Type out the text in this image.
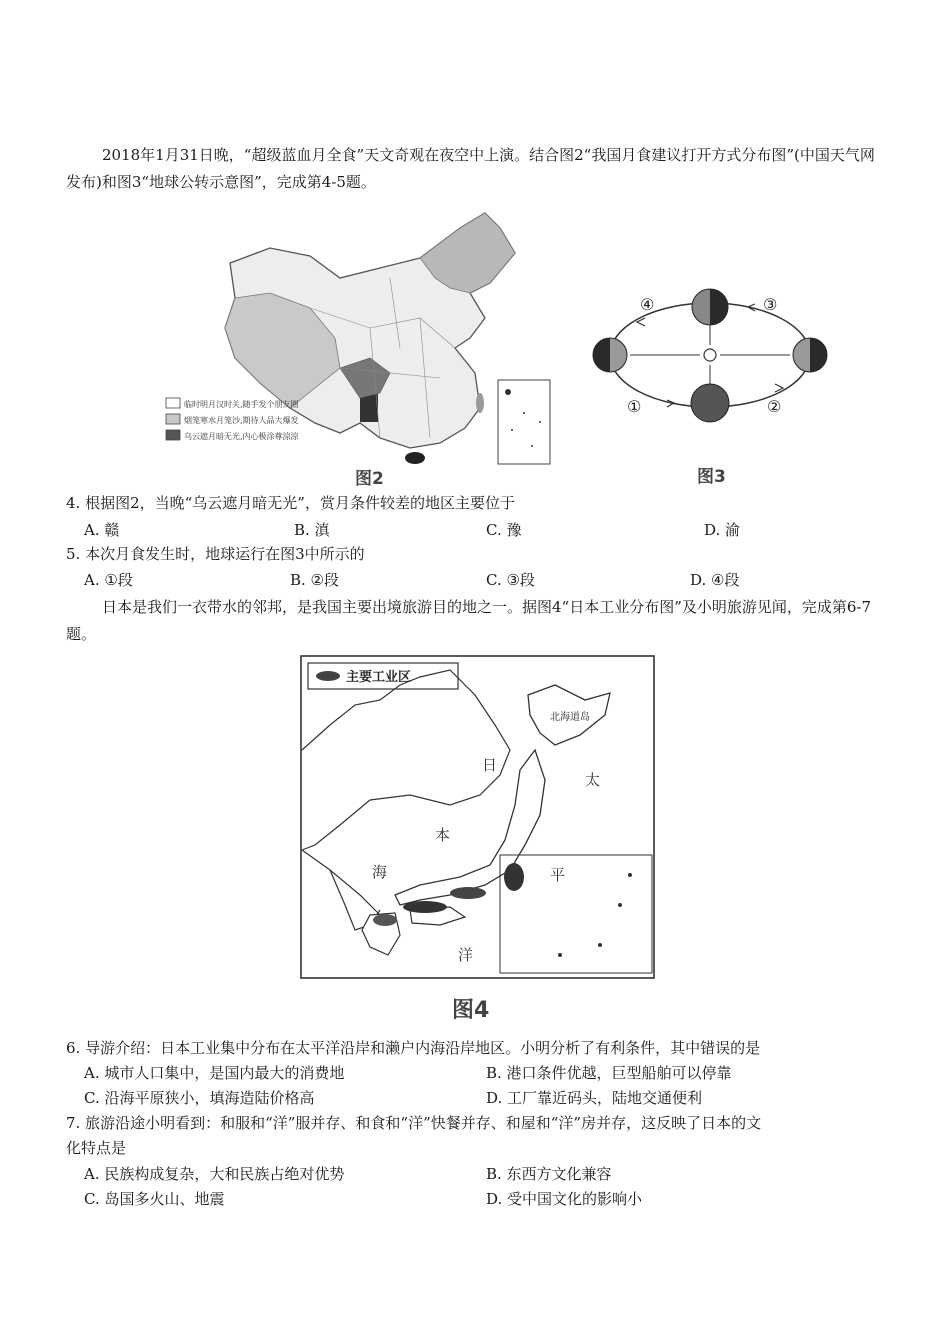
2018年1月31日晚，“超级蓝血月全食”天文奇观在夜空中上演。结合图2“我国月食建议打开方式分布图”(中国天气网发布)和图3“地球公转示意图”，完成第4-5题。
临时明月汉时关,随手发个朋友圈
烟笼寒水月笼沙,期待人品大爆发
乌云遮月暗无光,内心极涂尊涼涼
图2
④	③
①	②
图3
4. 根据图2，当晚“乌云遮月暗无光”，赏月条件较差的地区主要位于
A. 赣	B. 滇	C. 豫	D. 渝
5. 本次月食发生时，地球运行在图3中所示的
A. ①段	B. ②段	C. ③段	D. ④段
日本是我们一衣带水的邻邦，是我国主要出境旅游目的地之一。据图4“日本工业分布图”及小明旅游见闻，完成第6-7题。
主要工业区
北海道岛
日
本
海
太
平
洋
图4
6. 导游介绍：日本工业集中分布在太平洋沿岸和濑户内海沿岸地区。小明分析了有利条件，其中错误的是
A. 城市人口集中，是国内最大的消费地	B. 港口条件优越，巨型船舶可以停靠
C. 沿海平原狭小，填海造陆价格高	D. 工厂靠近码头，陆地交通便利
7. 旅游沿途小明看到：和服和“洋”服并存、和食和“洋”快餐并存、和屋和“洋”房并存，这反映了日本的文
化特点是
A. 民族构成复杂，大和民族占绝对优势	B. 东西方文化兼容
C. 岛国多火山、地震	D. 受中国文化的影响小
